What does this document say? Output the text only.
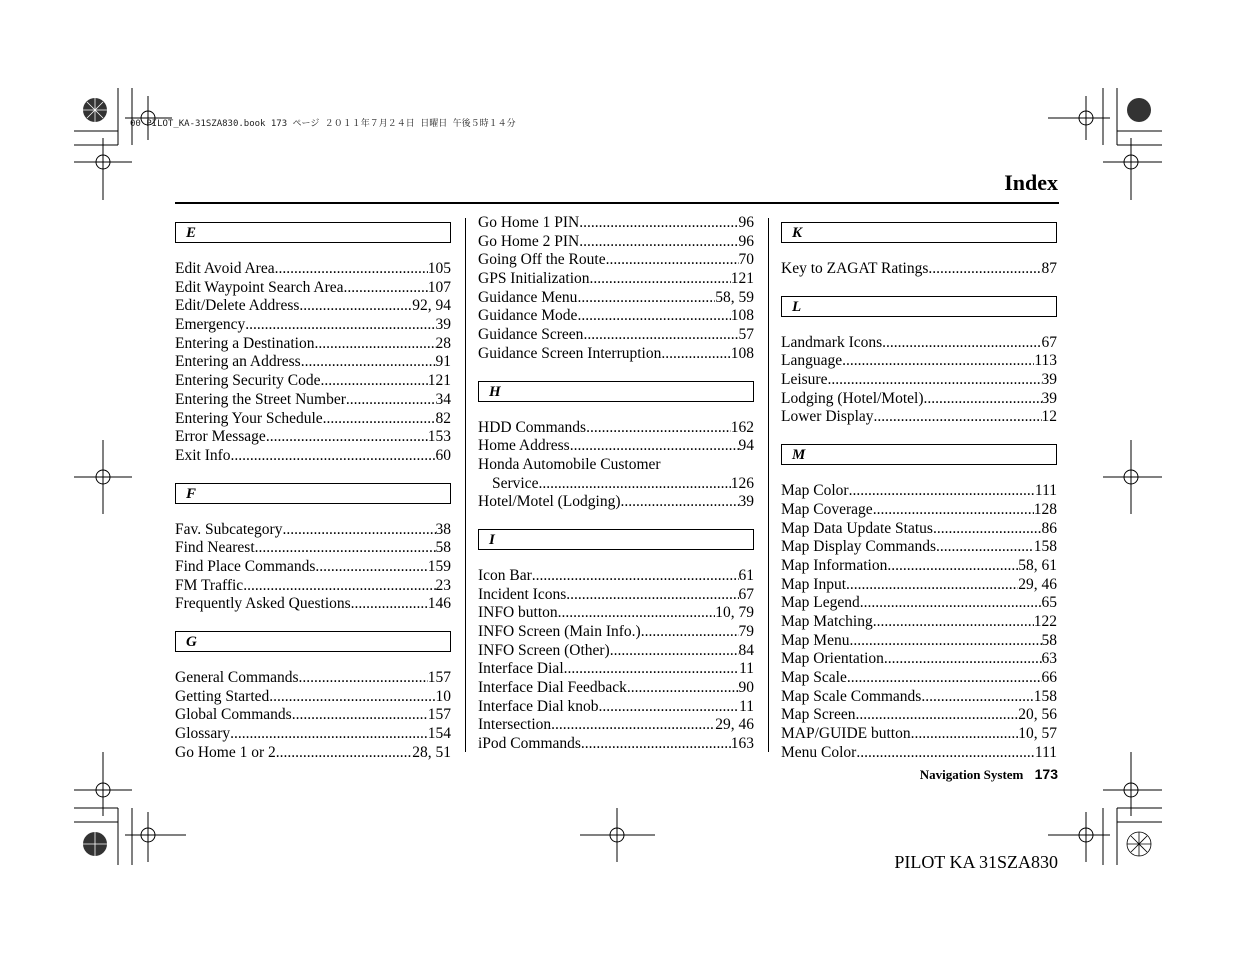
00 PILOT_KA-31SZA830.book 173 ページ ２０１１年７月２４日 日曜日 午後５時１４分
Index
E
Edit Avoid Area .....	105
Edit Waypoint Search Area .....	107
Edit/Delete Address .....	92, 94
Emergency .....	39
Entering a Destination .....	28
Entering an Address .....	91
Entering Security Code .....	121
Entering the Street Number .....	34
Entering Your Schedule .....	82
Error Message .....	153
Exit Info .....	60
F
Fav. Subcategory .....	38
Find Nearest .....	58
Find Place Commands .....	159
FM Traffic .....	23
Frequently Asked Questions .....	146
G
General Commands .....	157
Getting Started .....	10
Global Commands .....	157
Glossary .....	154
Go Home 1 or 2 .....	28, 51
Go Home 1 PIN .....	96
Go Home 2 PIN .....	96
Going Off the Route .....	70
GPS Initialization .....	121
Guidance Menu .....	58, 59
Guidance Mode .....	108
Guidance Screen .....	57
Guidance Screen Interruption .....	108
H
HDD Commands .....	162
Home Address .....	94
Honda Automobile Customer
Service .....	126
Hotel/Motel (Lodging) .....	39
I
Icon Bar .....	61
Incident Icons .....	67
INFO button .....	10, 79
INFO Screen (Main Info.) .....	79
INFO Screen (Other) .....	84
Interface Dial .....	11
Interface Dial Feedback .....	90
Interface Dial knob .....	11
Intersection .....	29, 46
iPod Commands .....	163
K
Key to ZAGAT Ratings .....	87
L
Landmark Icons .....	67
Language .....	113
Leisure .....	39
Lodging (Hotel/Motel) .....	39
Lower Display .....	12
M
Map Color .....	111
Map Coverage .....	128
Map Data Update Status .....	86
Map Display Commands .....	158
Map Information .....	58, 61
Map Input .....	29, 46
Map Legend .....	65
Map Matching .....	122
Map Menu .....	58
Map Orientation .....	63
Map Scale .....	66
Map Scale Commands .....	158
Map Screen .....	20, 56
MAP/GUIDE button .....	10, 57
Menu Color .....	111
Navigation System 173
PILOT KA 31SZA830
